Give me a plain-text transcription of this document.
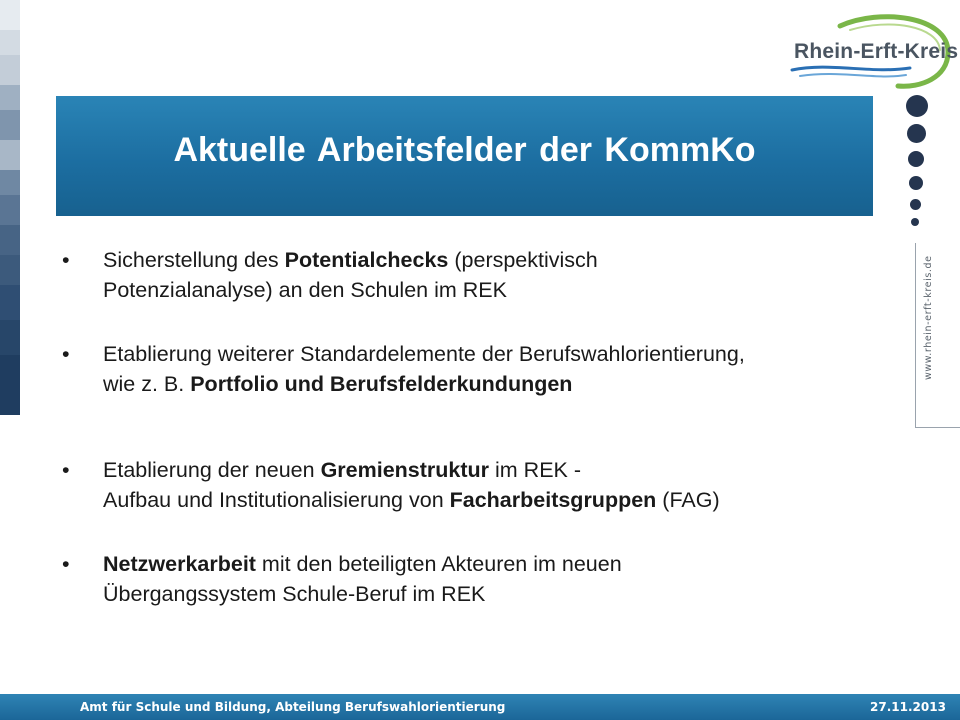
Rhein-Erft-Kreis
www.rhein-erft-kreis.de
Aktuelle Arbeitsfelder der KommKo
• Sicherstellung des Potentialchecks (perspektivisch
Potenzialanalyse) an den Schulen im REK
• Etablierung weiterer Standardelemente der Berufswahlorientierung,
wie z. B. Portfolio und Berufsfelderkundungen
• Etablierung der neuen Gremienstruktur im REK -
Aufbau und Institutionalisierung von Facharbeitsgruppen (FAG)
• Netzwerkarbeit mit den beteiligten Akteuren im neuen
Übergangssystem Schule-Beruf im REK
Amt für Schule und Bildung, Abteilung Berufswahlorientierung	27.11.2013
